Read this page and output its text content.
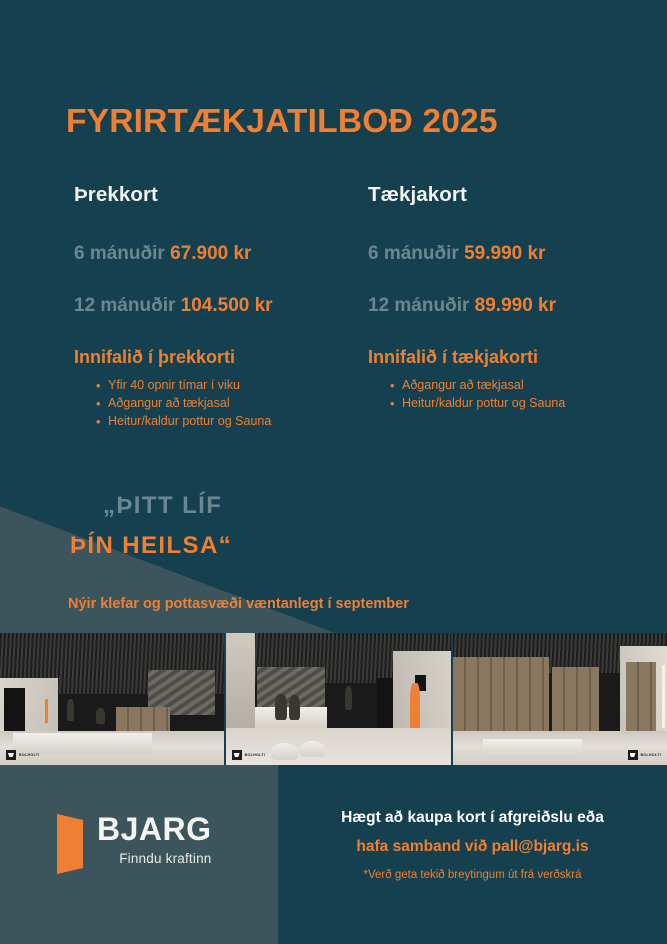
FYRIRTÆKJATILBOÐ 2025
Þrekkort
6 mánuðir 67.900 kr
12 mánuðir 104.500 kr
Innifalið í þrekkorti
• Yfir 40 opnir tímar í viku
• Aðgangur að tækjasal
• Heitur/kaldur pottur og Sauna
Tækjakort
6 mánuðir 59.990 kr
12 mánuðir 89.990 kr
Innifalið í tækjakorti
• Aðgangur að tækjasal
• Heitur/kaldur pottur og Sauna
„ÞITT LÍF
ÞÍN HEILSA“
Nýir klefar og pottasvæði væntanlegt í september
BOLHOLTI	BOLHOLTI	BOLHOLTI
BJARG
Finndu kraftinn
Hægt að kaupa kort í afgreiðslu eða
hafa samband við pall@bjarg.is
*Verð geta tekið breytingum út frá verðskrá
